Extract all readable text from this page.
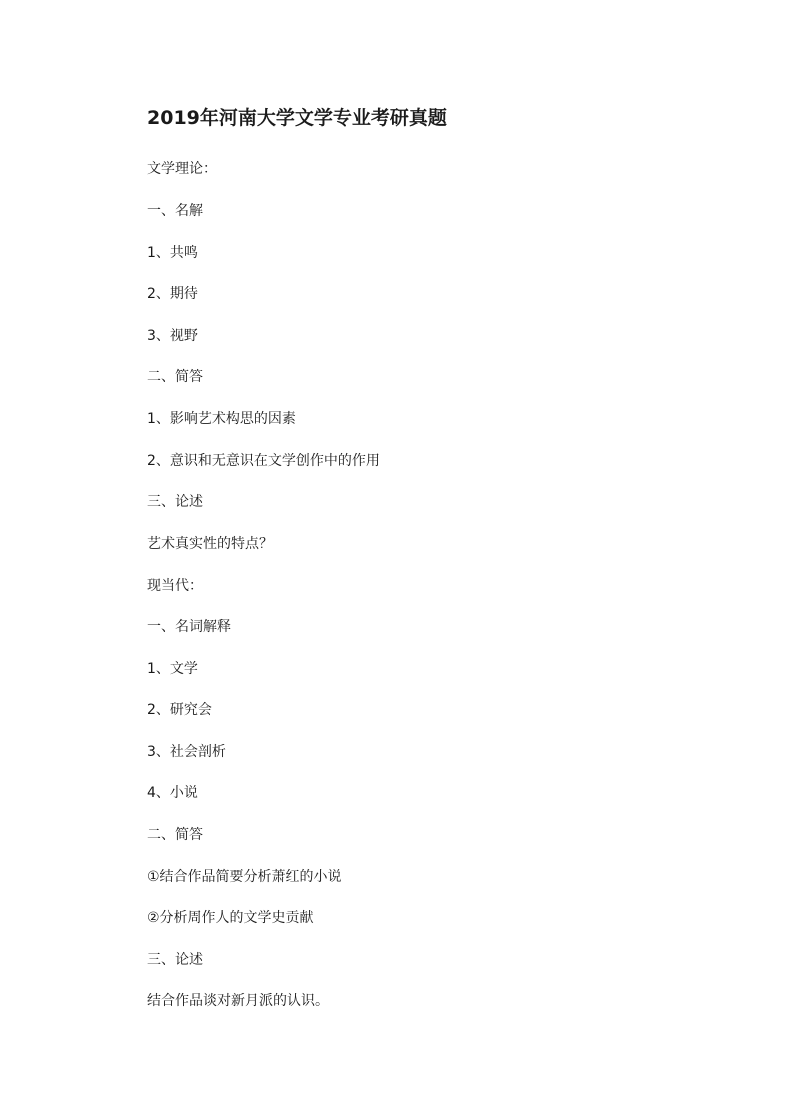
2019年河南大学文学专业考研真题

文学理论：

一、名解

1、共鸣

2、期待

3、视野

二、简答

1、影响艺术构思的因素

2、意识和无意识在文学创作中的作用

三、论述

艺术真实性的特点？

现当代：

一、名词解释

1、文学

2、研究会

3、社会剖析

4、小说

二、简答

①结合作品简要分析萧红的小说

②分析周作人的文学史贡献

三、论述

结合作品谈对新月派的认识。
